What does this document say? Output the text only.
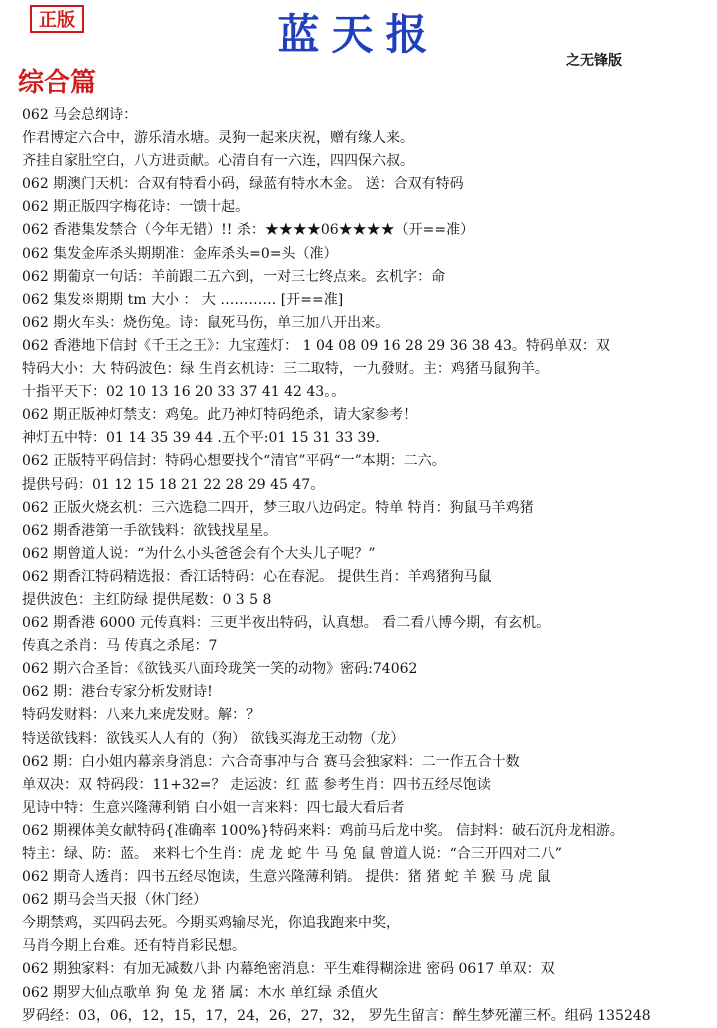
正版	蓝天报
之无锋版
综合篇
062 马会总纲诗：
作君博定六合中，游乐清水塘。灵狗一起来庆祝，赠有缘人来。
齐挂自家肚空白，八方进贡献。心清自有一六连，四四保六叔。
062 期澳门天机：合双有特看小码，绿蓝有特水木金。 送：合双有特码
062 期正版四字梅花诗：一馈十起。
062 香港集发禁合（今年无错）!! 杀：★★★★06★★★★（开==准）
062 集发金库杀头期期准：金库杀头=0=头（准）
062 期葡京一句话：羊前跟二五六到，一对三七终点来。玄机字：命
062 集发※期期 tm 大小 ： 大 ………… [开==准]
062 期火车头：烧伤兔。诗：鼠死马伤，单三加八开出来。
062 香港地下信封《千王之王》：九宝莲灯： 1 04 08 09 16 28 29 36 38 43。特码单双：双
特码大小：大 特码波色：绿 生肖玄机诗：三二取特，一九發财。主：鸡猪马鼠狗羊。
十指平天下：02 10 13 16 20 33 37 41 42 43。。
062 期正版神灯禁支：鸡兔。此乃神灯特码绝杀，请大家参考！
神灯五中特：01 14 35 39 44 .五个平:01 15 31 33 39.
062 正版特平码信封：特码心想要找个“清官”平码“一”本期：二六。
提供号码：01 12 15 18 21 22 28 29 45 47。
062 正版火烧玄机：三六选稳二四开，梦三取八边码定。特单 特肖：狗鼠马羊鸡猪
062 期香港第一手欲钱料：欲钱找星星。
062 期曾道人说：“为什么小头爸爸会有个大头儿子呢？”
062 期香江特码精选报：香江话特码：心在春泥。 提供生肖：羊鸡猪狗马鼠
提供波色：主红防绿 提供尾数：0 3 5 8
062 期香港 6000 元传真料：三更半夜出特码，认真想。 看二看八博今期，有玄机。
传真之杀肖：马 传真之杀尾：7
062 期六合圣旨：《欲钱买八面玲珑笑一笑的动物》密码:74062
062 期：港台专家分析发财诗!
特码发财料：八来九来虎发财。解：？
特送欲钱料：欲钱买人人有的（狗） 欲钱买海龙王动物（龙）
062 期：白小姐内幕亲身消息：六合奇事冲与合 赛马会独家料：二一作五合十数
单双决：双 特码段：11+32=？ 走运波：红 蓝 参考生肖：四书五经尽饱读
见诗中特：生意兴隆薄利销 白小姐一言来料：四七最大看后者
062 期裸体美女献特码{准确率 100%}特码来料：鸡前马后龙中奖。 信封料：破石沉舟龙相游。
特主：绿、防：蓝。 来料七个生肖：虎 龙 蛇 牛 马 兔 鼠 曾道人说：“合三开四对二八”
062 期奇人透肖：四书五经尽饱读，生意兴隆薄利销。 提供：猪 猪 蛇 羊 猴 马 虎 鼠
062 期马会当天报（休门经）
今期禁鸡，买四码去死。今期买鸡输尽光，你追我跑来中奖，
马肖今期上台难。还有特肖彩民想。
062 期独家料：有加无减数八卦 内幕绝密消息：平生难得糊涂进 密码 0617 单双：双
062 期罗大仙点歌单 狗 兔 龙 猪 属：木水 单红绿 杀值火
罗码经：03，06，12，15，17，24，26，27，32， 罗先生留言：醉生梦死灌三杯。组码 135248
